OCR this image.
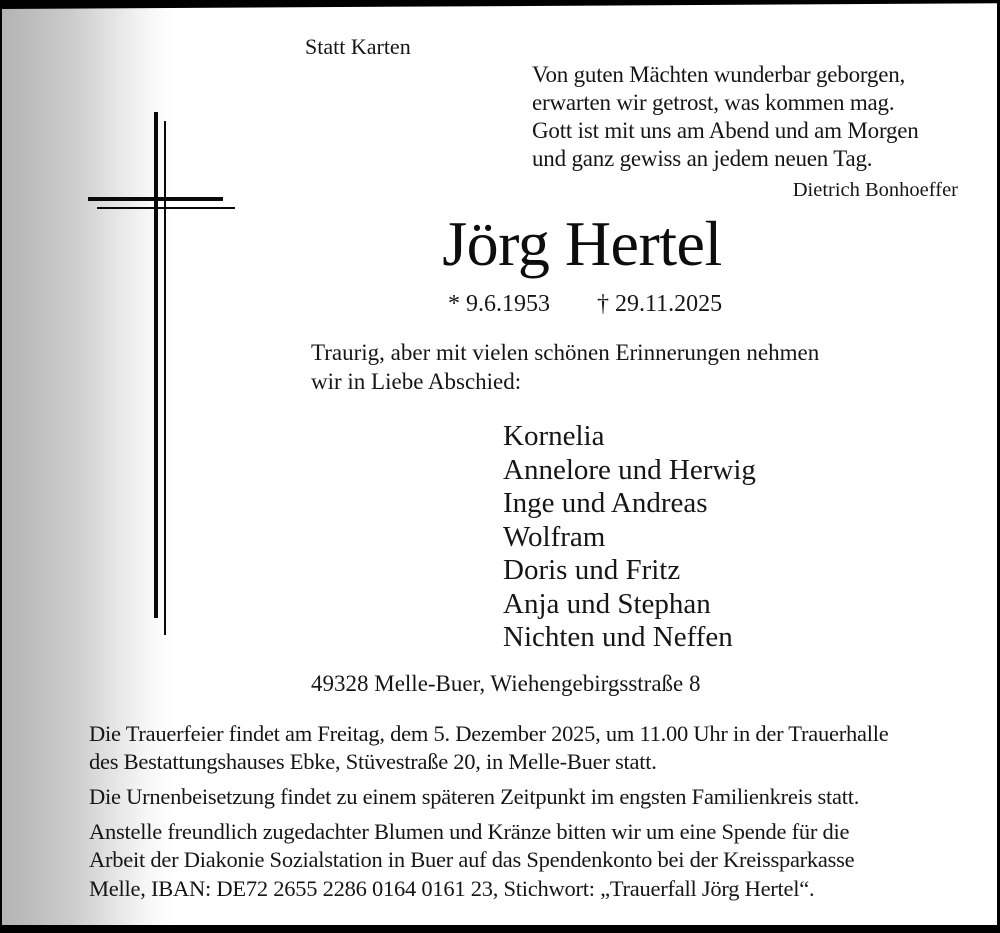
Statt Karten
Von guten Mächten wunderbar geborgen,
erwarten wir getrost, was kommen mag.
Gott ist mit uns am Abend und am Morgen
und ganz gewiss an jedem neuen Tag.
Dietrich Bonhoeffer
Jörg Hertel
* 9.6.1953 † 29.11.2025
Traurig, aber mit vielen schönen Erinnerungen nehmen
wir in Liebe Abschied:
Kornelia
Annelore und Herwig
Inge und Andreas
Wolfram
Doris und Fritz
Anja und Stephan
Nichten und Neffen
49328 Melle-Buer, Wiehengebirgsstraße 8
Die Trauerfeier findet am Freitag, dem 5. Dezember 2025, um 11.00 Uhr in der Trauerhalle
des Bestattungshauses Ebke, Stüvestraße 20, in Melle-Buer statt.
Die Urnenbeisetzung findet zu einem späteren Zeitpunkt im engsten Familienkreis statt.
Anstelle freundlich zugedachter Blumen und Kränze bitten wir um eine Spende für die
Arbeit der Diakonie Sozialstation in Buer auf das Spendenkonto bei der Kreissparkasse
Melle, IBAN: DE72 2655 2286 0164 0161 23, Stichwort: „Trauerfall Jörg Hertel“.
